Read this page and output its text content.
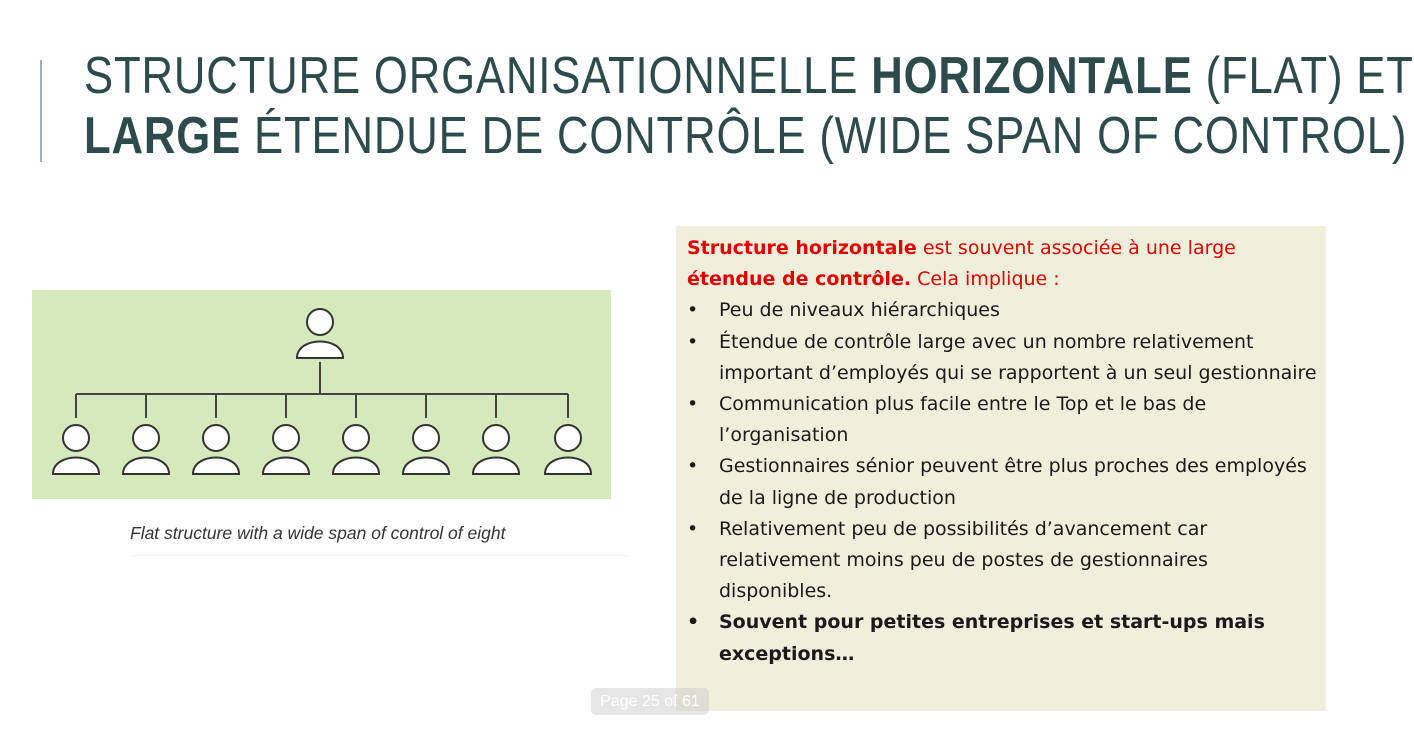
STRUCTURE ORGANISATIONNELLE HORIZONTALE (FLAT) ET
LARGE ÉTENDUE DE CONTRÔLE (WIDE SPAN OF CONTROL)
Flat structure with a wide span of control of eight
Structure horizontale est souvent associée à une large étendue de contrôle. Cela implique :
• Peu de niveaux hiérarchiques
• Étendue de contrôle large avec un nombre relativement important d’employés qui se rapportent à un seul gestionnaire
• Communication plus facile entre le Top et le bas de l’organisation
• Gestionnaires sénior peuvent être plus proches des employés de la ligne de production
• Relativement peu de possibilités d’avancement car relativement moins peu de postes de gestionnaires disponibles.
• Souvent pour petites entreprises et start-ups mais exceptions…
Page 25 of 61
